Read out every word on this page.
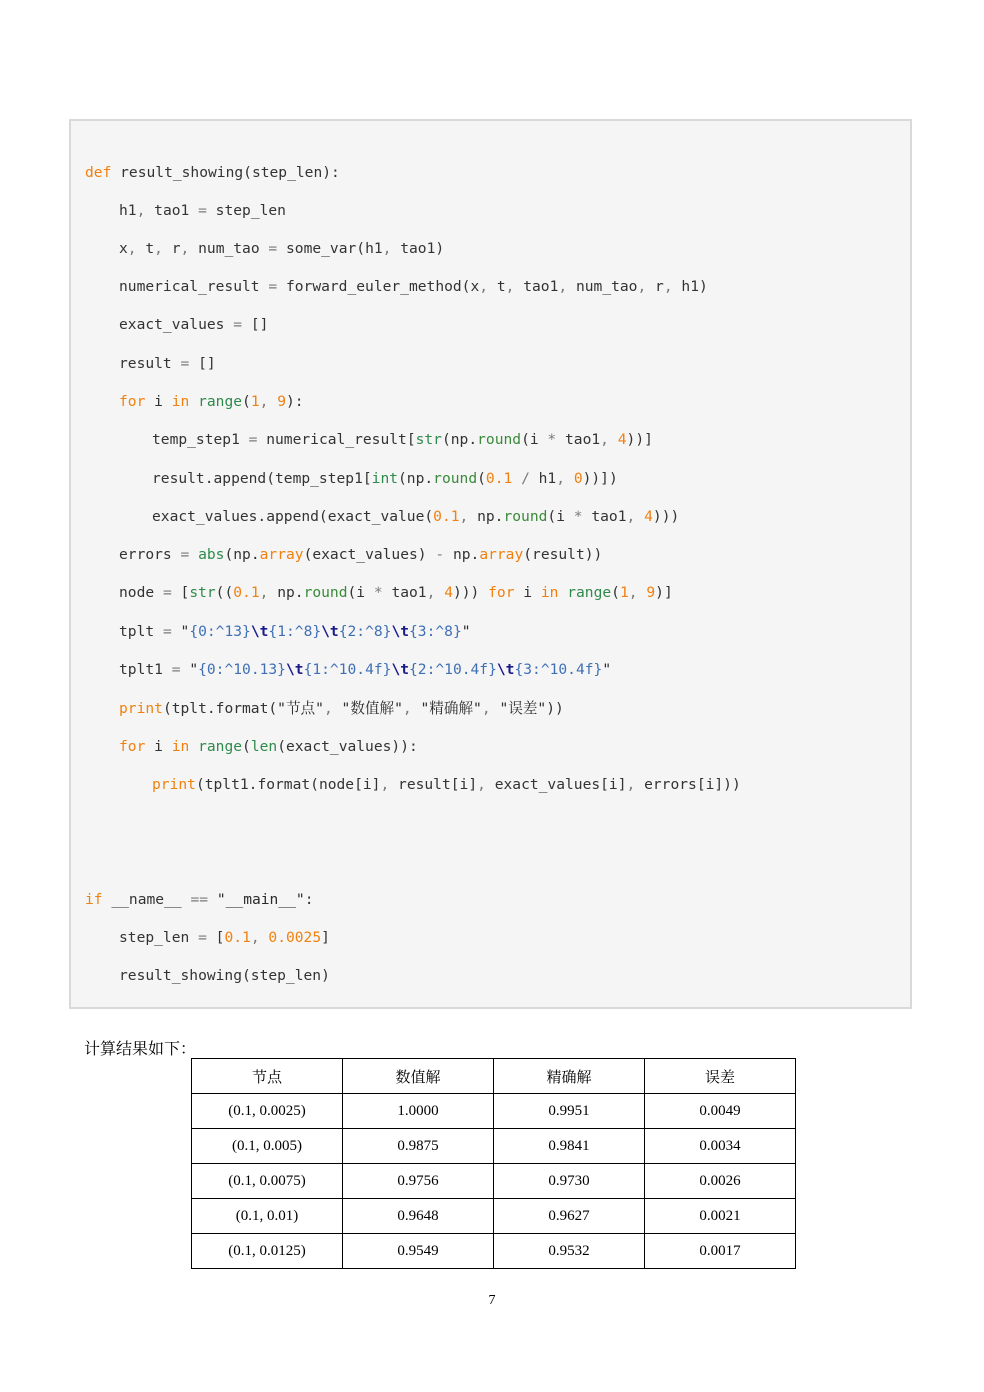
def result_showing(step_len):
h1, tao1 = step_len
x, t, r, num_tao = some_var(h1, tao1)
numerical_result = forward_euler_method(x, t, tao1, num_tao, r, h1)
exact_values = []
result = []
for i in range(1, 9):
temp_step1 = numerical_result[str(np.round(i * tao1, 4))]
result.append(temp_step1[int(np.round(0.1 / h1, 0))])
exact_values.append(exact_value(0.1, np.round(i * tao1, 4)))
errors = abs(np.array(exact_values) - np.array(result))
node = [str((0.1, np.round(i * tao1, 4))) for i in range(1, 9)]
tplt = "{0:^13}\t{1:^8}\t{2:^8}\t{3:^8}"
tplt1 = "{0:^10.13}\t{1:^10.4f}\t{2:^10.4f}\t{3:^10.4f}"
print(tplt.format("节点", "数值解", "精确解", "误差"))
for i in range(len(exact_values)):
print(tplt1.format(node[i], result[i], exact_values[i], errors[i]))
if __name__ == "__main__":
step_len = [0.1, 0.0025]
result_showing(step_len)
计算结果如下：
节点	数值解	精确解	误差
(0.1, 0.0025)	1.0000	0.9951	0.0049
(0.1, 0.005)	0.9875	0.9841	0.0034
(0.1, 0.0075)	0.9756	0.9730	0.0026
(0.1, 0.01)	0.9648	0.9627	0.0021
(0.1, 0.0125)	0.9549	0.9532	0.0017
7
